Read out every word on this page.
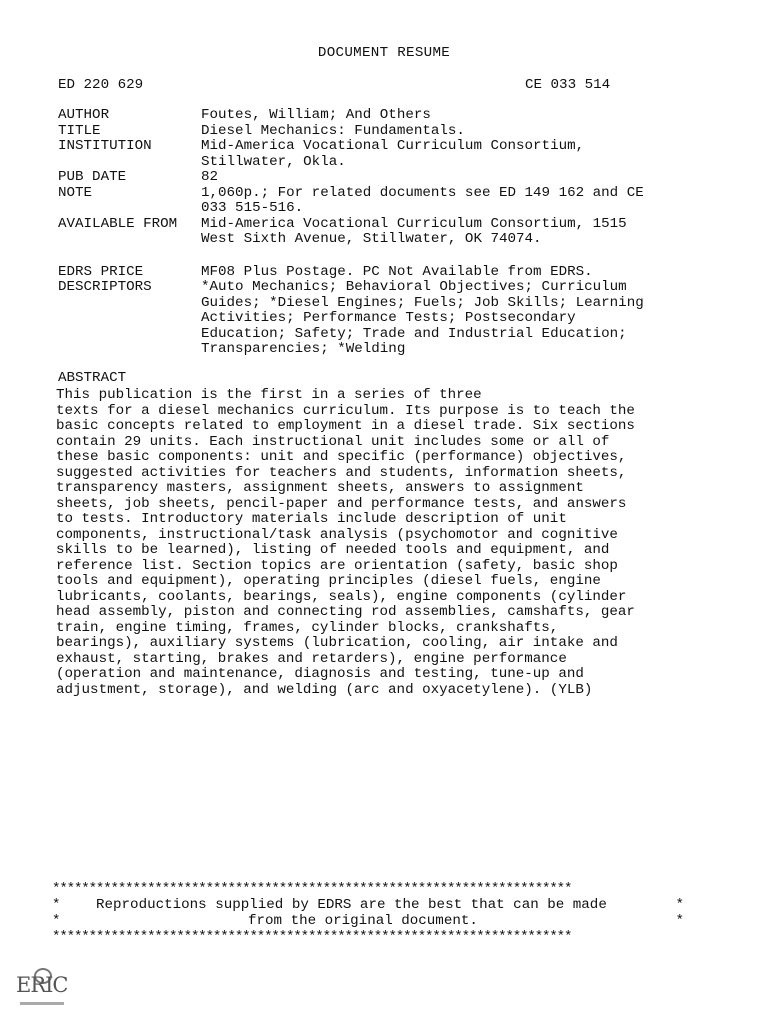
DOCUMENT RESUME
ED 220 629	CE 033 514
AUTHOR	Foutes, William; And Others
TITLE	Diesel Mechanics: Fundamentals.
INSTITUTION	Mid-America Vocational Curriculum Consortium,
Stillwater, Okla.
PUB DATE	82
NOTE	1,060p.; For related documents see ED 149 162 and CE
033 515-516.
AVAILABLE FROM	Mid-America Vocational Curriculum Consortium, 1515
West Sixth Avenue, Stillwater, OK 74074.
EDRS PRICE	MF08 Plus Postage. PC Not Available from EDRS.
DESCRIPTORS	*Auto Mechanics; Behavioral Objectives; Curriculum
Guides; *Diesel Engines; Fuels; Job Skills; Learning
Activities; Performance Tests; Postsecondary
Education; Safety; Trade and Industrial Education;
Transparencies; *Welding
ABSTRACT
This publication is the first in a series of three
texts for a diesel mechanics curriculum. Its purpose is to teach the
basic concepts related to employment in a diesel trade. Six sections
contain 29 units. Each instructional unit includes some or all of
these basic components: unit and specific (performance) objectives,
suggested activities for teachers and students, information sheets,
transparency masters, assignment sheets, answers to assignment
sheets, job sheets, pencil-paper and performance tests, and answers
to tests. Introductory materials include description of unit
components, instructional/task analysis (psychomotor and cognitive
skills to be learned), listing of needed tools and equipment, and
reference list. Section topics are orientation (safety, basic shop
tools and equipment), operating principles (diesel fuels, engine
lubricants, coolants, bearings, seals), engine components (cylinder
head assembly, piston and connecting rod assemblies, camshafts, gear
train, engine timing, frames, cylinder blocks, crankshafts,
bearings), auxiliary systems (lubrication, cooling, air intake and
exhaust, starting, brakes and retarders), engine performance
(operation and maintenance, diagnosis and testing, tune-up and
adjustment, storage), and welding (arc and oxyacetylene). (YLB)
***********************************************************************
* Reproductions supplied by EDRS are the best that can be made	*
*	from the original document.	*
***********************************************************************
ERIC
